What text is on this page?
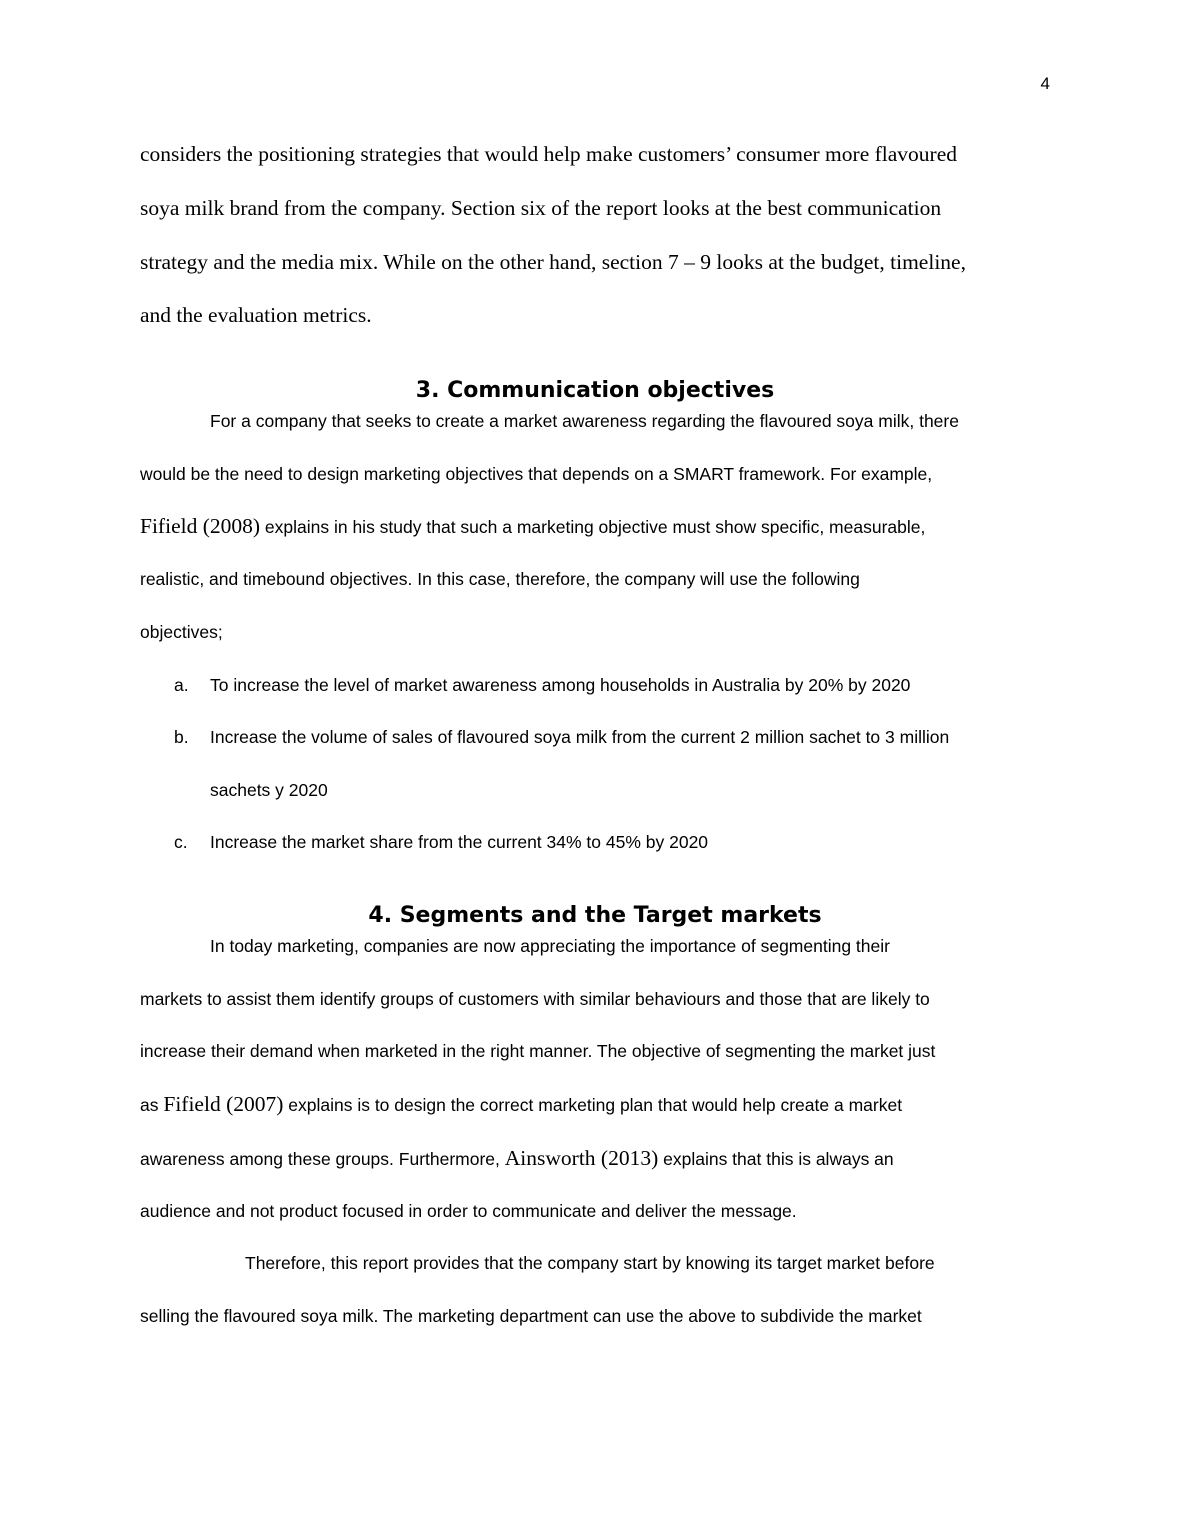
4
considers the positioning strategies that would help make customers’ consumer more flavoured
soya milk brand from the company. Section six of the report looks at the best communication
strategy and the media mix. While on the other hand, section 7 – 9 looks at the budget, timeline,
and the evaluation metrics.
3. Communication objectives
For a company that seeks to create a market awareness regarding the flavoured soya milk, there
would be the need to design marketing objectives that depends on a SMART framework. For example,
Fifield (2008) explains in his study that such a marketing objective must show specific, measurable,
realistic, and timebound objectives. In this case, therefore, the company will use the following
objectives;
a. To increase the level of market awareness among households in Australia by 20% by 2020
b. Increase the volume of sales of flavoured soya milk from the current 2 million sachet to 3 million
sachets y 2020
c. Increase the market share from the current 34% to 45% by 2020
4. Segments and the Target markets
In today marketing, companies are now appreciating the importance of segmenting their
markets to assist them identify groups of customers with similar behaviours and those that are likely to
increase their demand when marketed in the right manner. The objective of segmenting the market just
as Fifield (2007) explains is to design the correct marketing plan that would help create a market
awareness among these groups. Furthermore, Ainsworth (2013) explains that this is always an
audience and not product focused in order to communicate and deliver the message.
Therefore, this report provides that the company start by knowing its target market before
selling the flavoured soya milk. The marketing department can use the above to subdivide the market
